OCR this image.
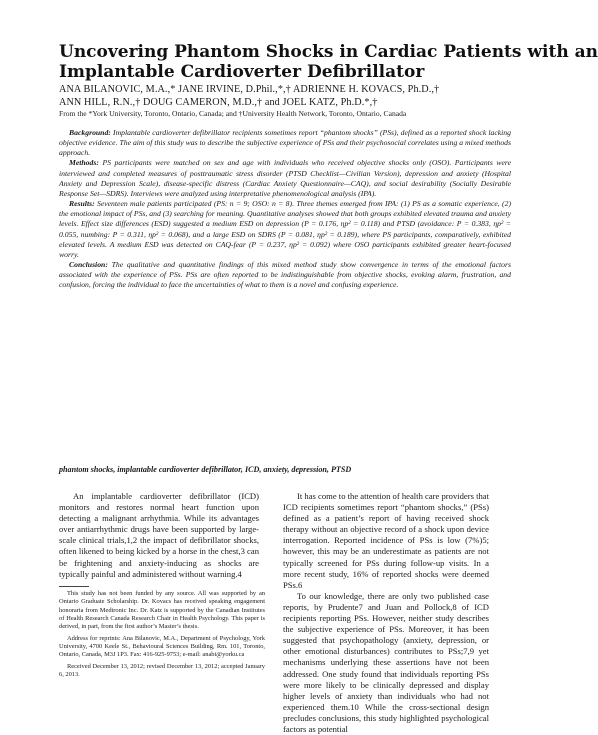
Uncovering Phantom Shocks in Cardiac Patients with an
Implantable Cardioverter Defibrillator
ANA BILANOVIC, M.A.,* JANE IRVINE, D.Phil.,*,† ADRIENNE H. KOVACS, Ph.D.,†
ANN HILL, R.N.,† DOUG CAMERON, M.D.,† and JOEL KATZ, Ph.D.*,†
From the *York University, Toronto, Ontario, Canada; and †University Health Network, Toronto, Ontario, Canada

Background: Implantable cardioverter defibrillator recipients sometimes report “phantom shocks” (PSs), defined as a reported shock lacking objective evidence. The aim of this study was to describe the subjective experience of PSs and their psychosocial correlates using a mixed methods approach.

Methods: PS participants were matched on sex and age with individuals who received objective shocks only (OSO). Participants were interviewed and completed measures of posttraumatic stress disorder (PTSD Checklist—Civilian Version), depression and anxiety (Hospital Anxiety and Depression Scale), disease-specific distress (Cardiac Anxiety Questionnaire—CAQ), and social desirability (Socially Desirable Response Set—SDRS). Interviews were analyzed using interpretative phenomenological analysis (IPA).

Results: Seventeen male patients participated (PS: n = 9; OSO: n = 8). Three themes emerged from IPA: (1) PS as a somatic experience, (2) the emotional impact of PSs, and (3) searching for meaning. Quantitative analyses showed that both groups exhibited elevated trauma and anxiety levels. Effect size differences (ESD) suggested a medium ESD on depression (P = 0.176, ηp² = 0.118) and PTSD (avoidance: P = 0.383, ηp² = 0.055, numbing: P = 0.311, ηp² = 0.068), and a large ESD on SDRS (P = 0.081, ηp² = 0.189), where PS participants, comparatively, exhibited elevated levels. A medium ESD was detected on CAQ-fear (P = 0.237, ηp² = 0.092) where OSO participants exhibited greater heart-focused worry.

Conclusion: The qualitative and quantitative findings of this mixed method study show convergence in terms of the emotional factors associated with the experience of PSs. PSs are often reported to be indistinguishable from objective shocks, evoking alarm, frustration, and confusion, forcing the individual to face the uncertainties of what to them is a novel and confusing experience.

phantom shocks, implantable cardioverter defibrillator, ICD, anxiety, depression, PTSD

An implantable cardioverter defibrillator (ICD) monitors and restores normal heart function upon detecting a malignant arrhythmia. While its advantages over antiarrhythmic drugs have been supported by large-scale clinical trials,1,2 the impact of defibrillator shocks, often likened to being kicked by a horse in the chest,3 can be frightening and anxiety-inducing as shocks are typically painful and administered without warning.4

This study has not been funded by any source. All was supported by an Ontario Graduate Scholarship. Dr. Kovacs has received speaking engagement honoraria from Medtronic Inc. Dr. Katz is supported by the Canadian Institutes of Health Research Canada Research Chair in Health Psychology. This paper is derived, in part, from the first author’s Master’s thesis.

Address for reprints: Ana Bilanovic, M.A., Department of Psychology, York University, 4700 Keele St., Behavioural Sciences Building, Rm. 101, Toronto, Ontario, Canada, M3J 1P3. Fax: 416-925-9753; e-mail: anabi@yorku.ca

Received December 13, 2012; revised December 13, 2012; accepted January 6, 2013.

It has come to the attention of health care providers that ICD recipients sometimes report “phantom shocks,” (PSs) defined as a patient’s report of having received shock therapy without an objective record of a shock upon device interrogation. Reported incidence of PSs is low (7%)5; however, this may be an underestimate as patients are not typically screened for PSs during follow-up visits. In a more recent study, 16% of reported shocks were deemed PSs.6

To our knowledge, there are only two published case reports, by Prudente7 and Juan and Pollock,8 of ICD recipients reporting PSs. However, neither study describes the subjective experience of PSs. Moreover, it has been suggested that psychopathology (anxiety, depression, or other emotional disturbances) contributes to PSs;7,9 yet mechanisms underlying these assertions have not been addressed. One study found that individuals reporting PSs were more likely to be clinically depressed and display higher levels of anxiety than individuals who had not experienced them.10 While the cross-sectional design precludes conclusions, this study highlighted psychological factors as potential
